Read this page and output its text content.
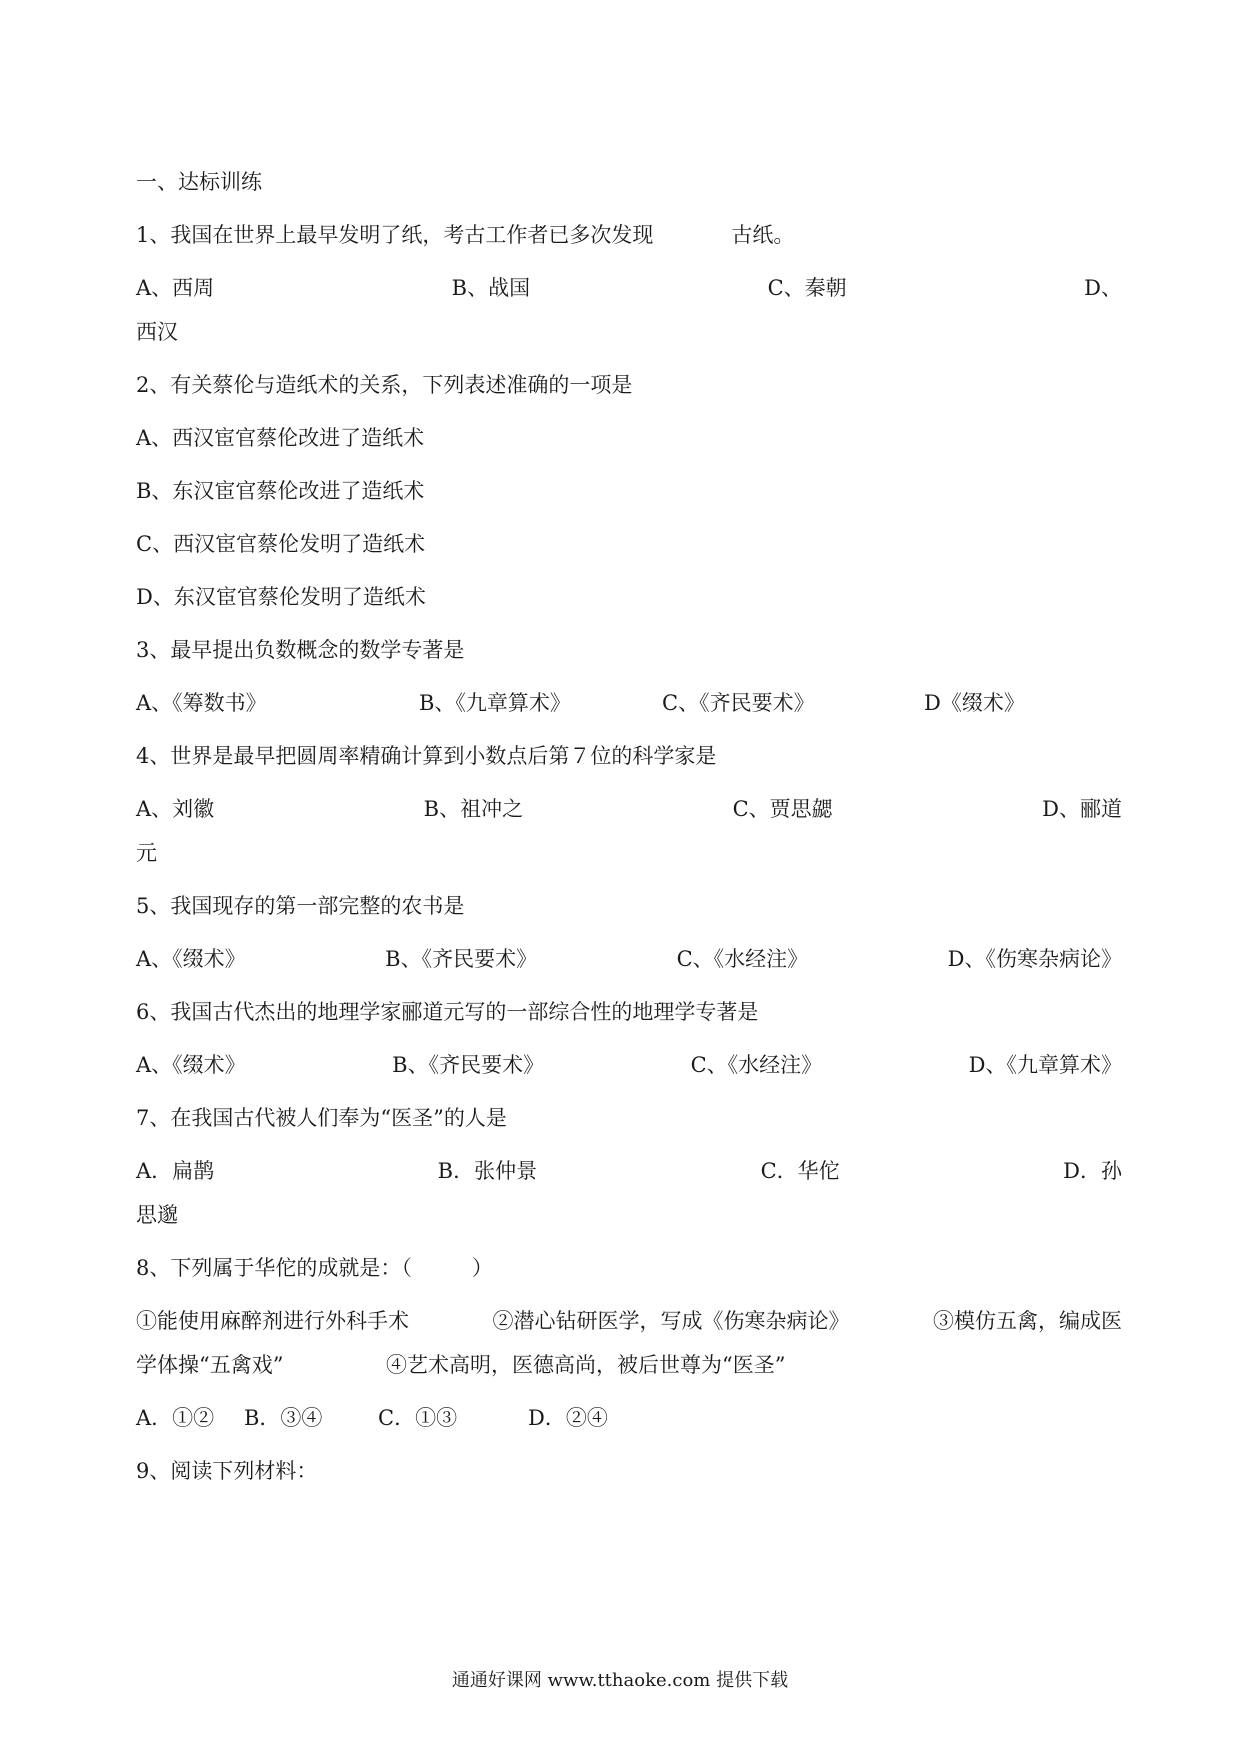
一、达标训练
1、我国在世界上最早发明了纸，考古工作者已多次发现	古纸。
A、西周	B、战国	C、秦朝	D、
西汉
2、有关蔡伦与造纸术的关系，下列表述准确的一项是
A、西汉宦官蔡伦改进了造纸术
B、东汉宦官蔡伦改进了造纸术
C、西汉宦官蔡伦发明了造纸术
D、东汉宦官蔡伦发明了造纸术
3、最早提出负数概念的数学专著是
A、《筹数书》	B、《九章算术》	C、《齐民要术》	D《缀术》
4、世界是最早把圆周率精确计算到小数点后第７位的科学家是
A、刘徽	B、祖冲之	C、贾思勰	D、郦道
元
5、我国现存的第一部完整的农书是
A、《缀术》	B、《齐民要术》	C、《水经注》	D、《伤寒杂病论》
6、我国古代杰出的地理学家郦道元写的一部综合性的地理学专著是
A、《缀术》	B、《齐民要术》	C、《水经注》	D、《九章算术》
7、在我国古代被人们奉为“医圣”的人是
A．扁鹊	B．张仲景	C．华佗	D．孙
思邈
8、下列属于华佗的成就是：（	）
①能使用麻醉剂进行外科手术	②潜心钻研医学，写成《伤寒杂病论》	③模仿五禽，编成医
学体操“五禽戏”	④艺术高明，医德高尚，被后世尊为“医圣”
A．①② B．③④	C．①③	D．②④
9、阅读下列材料：
通通好课网 www.tthaoke.com 提供下载
